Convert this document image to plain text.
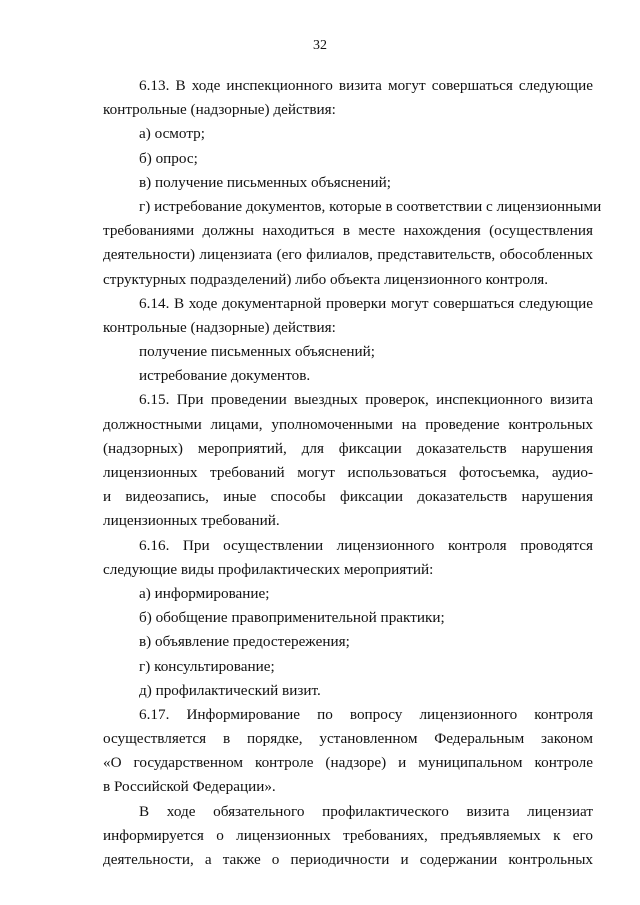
32
6.13. В ходе инспекционного визита могут совершаться следующие
контрольные (надзорные) действия:
а) осмотр;
б) опрос;
в) получение письменных объяснений;
г) истребование документов, которые в соответствии с лицензионными
требованиями должны находиться в месте нахождения (осуществления
деятельности) лицензиата (его филиалов, представительств, обособленных
структурных подразделений) либо объекта лицензионного контроля.
6.14. В ходе документарной проверки могут совершаться следующие
контрольные (надзорные) действия:
получение письменных объяснений;
истребование документов.
6.15. При проведении выездных проверок, инспекционного визита
должностными лицами, уполномоченными на проведение контрольных
(надзорных) мероприятий, для фиксации доказательств нарушения
лицензионных требований могут использоваться фотосъемка, аудио-
и видеозапись, иные способы фиксации доказательств нарушения
лицензионных требований.
6.16. При осуществлении лицензионного контроля проводятся
следующие виды профилактических мероприятий:
а) информирование;
б) обобщение правоприменительной практики;
в) объявление предостережения;
г) консультирование;
д) профилактический визит.
6.17. Информирование по вопросу лицензионного контроля
осуществляется в порядке, установленном Федеральным законом
«О государственном контроле (надзоре) и муниципальном контроле
в Российской Федерации».
В ходе обязательного профилактического визита лицензиат
информируется о лицензионных требованиях, предъявляемых к его
деятельности, а также о периодичности и содержании контрольных
